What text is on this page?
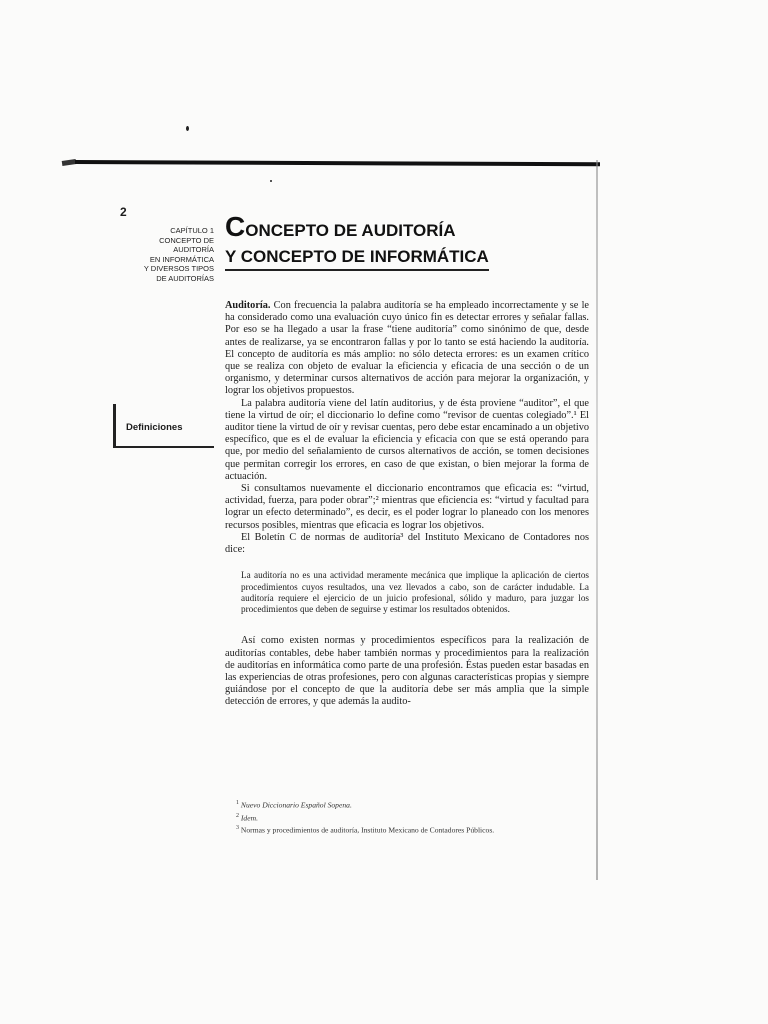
2
CAPÍTULO 1
CONCEPTO DE
AUDITORÍA
EN INFORMÁTICA
Y DIVERSOS TIPOS
DE AUDITORÍAS
CONCEPTO DE AUDITORÍA
Y CONCEPTO DE INFORMÁTICA
Definiciones

Auditoría. Con frecuencia la palabra auditoría se ha empleado incorrectamente y se le ha considerado como una evaluación cuyo único fin es detectar errores y señalar fallas. Por eso se ha llegado a usar la frase “tiene auditoría” como sinónimo de que, desde antes de realizarse, ya se encontraron fallas y por lo tanto se está haciendo la auditoría. El concepto de auditoría es más amplio: no sólo detecta errores: es un examen crítico que se realiza con objeto de evaluar la eficiencia y eficacia de una sección o de un organismo, y determinar cursos alternativos de acción para mejorar la organización, y lograr los objetivos propuestos.

La palabra auditoría viene del latín auditorius, y de ésta proviene “auditor”, el que tiene la virtud de oír; el diccionario lo define como “revisor de cuentas colegiado”.¹ El auditor tiene la virtud de oír y revisar cuentas, pero debe estar encaminado a un objetivo específico, que es el de evaluar la eficiencia y eficacia con que se está operando para que, por medio del señalamiento de cursos alternativos de acción, se tomen decisiones que permitan corregir los errores, en caso de que existan, o bien mejorar la forma de actuación.

Si consultamos nuevamente el diccionario encontramos que eficacia es: “virtud, actividad, fuerza, para poder obrar”;² mientras que eficiencia es: “virtud y facultad para lograr un efecto determinado”, es decir, es el poder lograr lo planeado con los menores recursos posibles, mientras que eficacia es lograr los objetivos.

El Boletín C de normas de auditoría³ del Instituto Mexicano de Contadores nos dice:

La auditoría no es una actividad meramente mecánica que implique la aplicación de ciertos procedimientos cuyos resultados, una vez llevados a cabo, son de carácter indudable. La auditoría requiere el ejercicio de un juicio profesional, sólido y maduro, para juzgar los procedimientos que deben de seguirse y estimar los resultados obtenidos.

Así como existen normas y procedimientos específicos para la realización de auditorías contables, debe haber también normas y procedimientos para la realización de auditorías en informática como parte de una profesión. Éstas pueden estar basadas en las experiencias de otras profesiones, pero con algunas características propias y siempre guiándose por el concepto de que la auditoría debe ser más amplia que la simple detección de errores, y que además la audito-

$^1$ Nuevo Diccionario Español Sopena.
$^2$ Idem.
$^3$ Normas y procedimientos de auditoría, Instituto Mexicano de Contadores Públicos.
